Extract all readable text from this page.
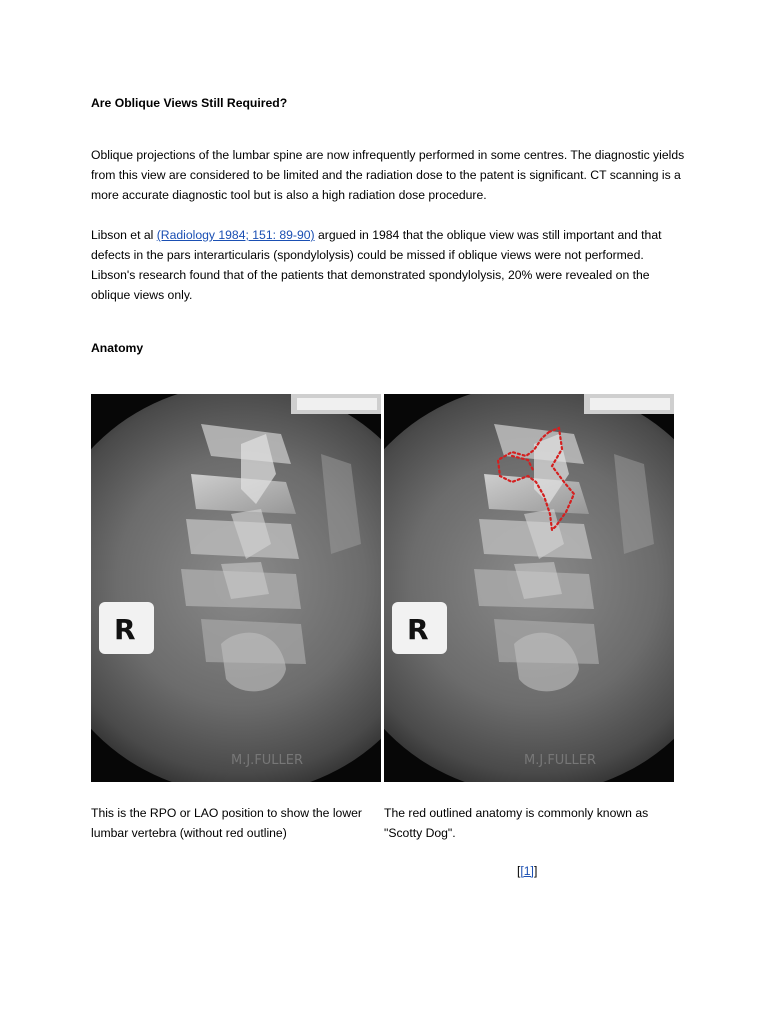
Are Oblique Views Still Required?
Oblique projections of the lumbar spine are now infrequently performed in some centres. The diagnostic yields from this view are considered to be limited and the radiation dose to the patent is significant. CT scanning is a more accurate diagnostic tool but is also a high radiation dose procedure.
Libson et al (Radiology 1984; 151: 89-90) argued in 1984 that the oblique view was still important and that defects in the pars interarticularis (spondylolysis) could be missed if oblique views were not performed. Libson's research found that of the patients that demonstrated spondylolysis, 20% were revealed on the oblique views only.
Anatomy
R
M.J.FULLER
R
M.J.FULLER
This is the RPO or LAO position to show the lower lumbar vertebra (without red outline)
The red outlined anatomy is commonly known as "Scotty Dog".
[[1]]
